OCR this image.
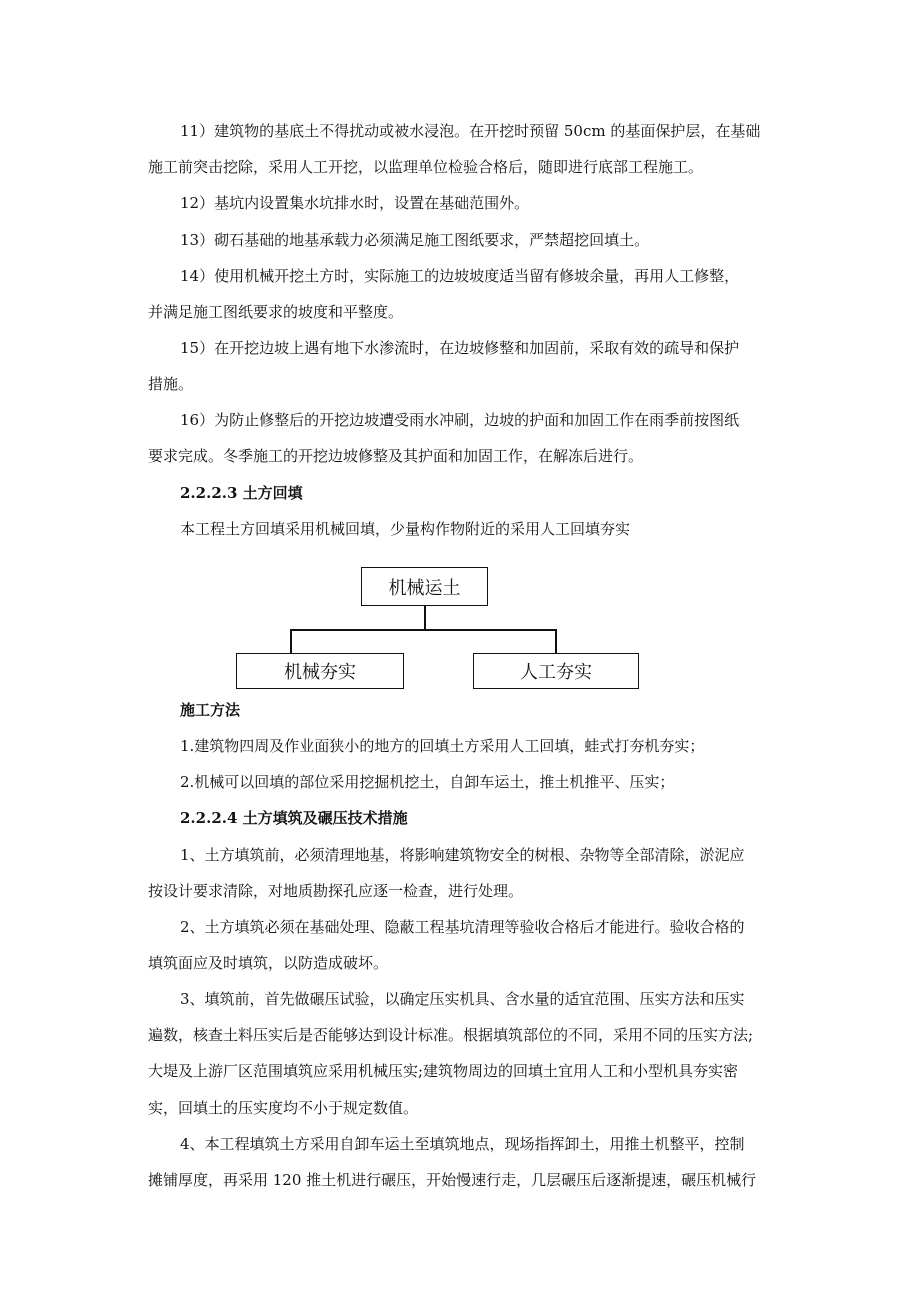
11）建筑物的基底土不得扰动或被水浸泡。在开挖时预留 50cm 的基面保护层，在基础
施工前突击挖除，采用人工开挖，以监理单位检验合格后，随即进行底部工程施工。
12）基坑内设置集水坑排水时，设置在基础范围外。
13）砌石基础的地基承载力必须满足施工图纸要求，严禁超挖回填土。
14）使用机械开挖土方时，实际施工的边坡坡度适当留有修坡余量，再用人工修整，
并满足施工图纸要求的坡度和平整度。
15）在开挖边坡上遇有地下水渗流时，在边坡修整和加固前，采取有效的疏导和保护
措施。
16）为防止修整后的开挖边坡遭受雨水冲刷，边坡的护面和加固工作在雨季前按图纸
要求完成。冬季施工的开挖边坡修整及其护面和加固工作，在解冻后进行。
2.2.2.3 土方回填
本工程土方回填采用机械回填，少量构作物附近的采用人工回填夯实
机械运土
机械夯实	人工夯实
施工方法
1.建筑物四周及作业面狭小的地方的回填土方采用人工回填，蛙式打夯机夯实；
2.机械可以回填的部位采用挖掘机挖土，自卸车运土，推土机推平、压实；
2.2.2.4 土方填筑及碾压技术措施
1、土方填筑前，必须清理地基，将影响建筑物安全的树根、杂物等全部清除，淤泥应
按设计要求清除，对地质勘探孔应逐一检查，进行处理。
2、土方填筑必须在基础处理、隐蔽工程基坑清理等验收合格后才能进行。验收合格的
填筑面应及时填筑，以防造成破坏。
3、填筑前，首先做碾压试验，以确定压实机具、含水量的适宜范围、压实方法和压实
遍数，核查土料压实后是否能够达到设计标准。根据填筑部位的不同，采用不同的压实方法;
大堤及上游厂区范围填筑应采用机械压实;建筑物周边的回填土宜用人工和小型机具夯实密
实，回填土的压实度均不小于规定数值。
4、本工程填筑土方采用自卸车运土至填筑地点，现场指挥卸土，用推土机整平，控制
摊铺厚度，再采用 120 推土机进行碾压，开始慢速行走，几层碾压后逐渐提速，碾压机械行
